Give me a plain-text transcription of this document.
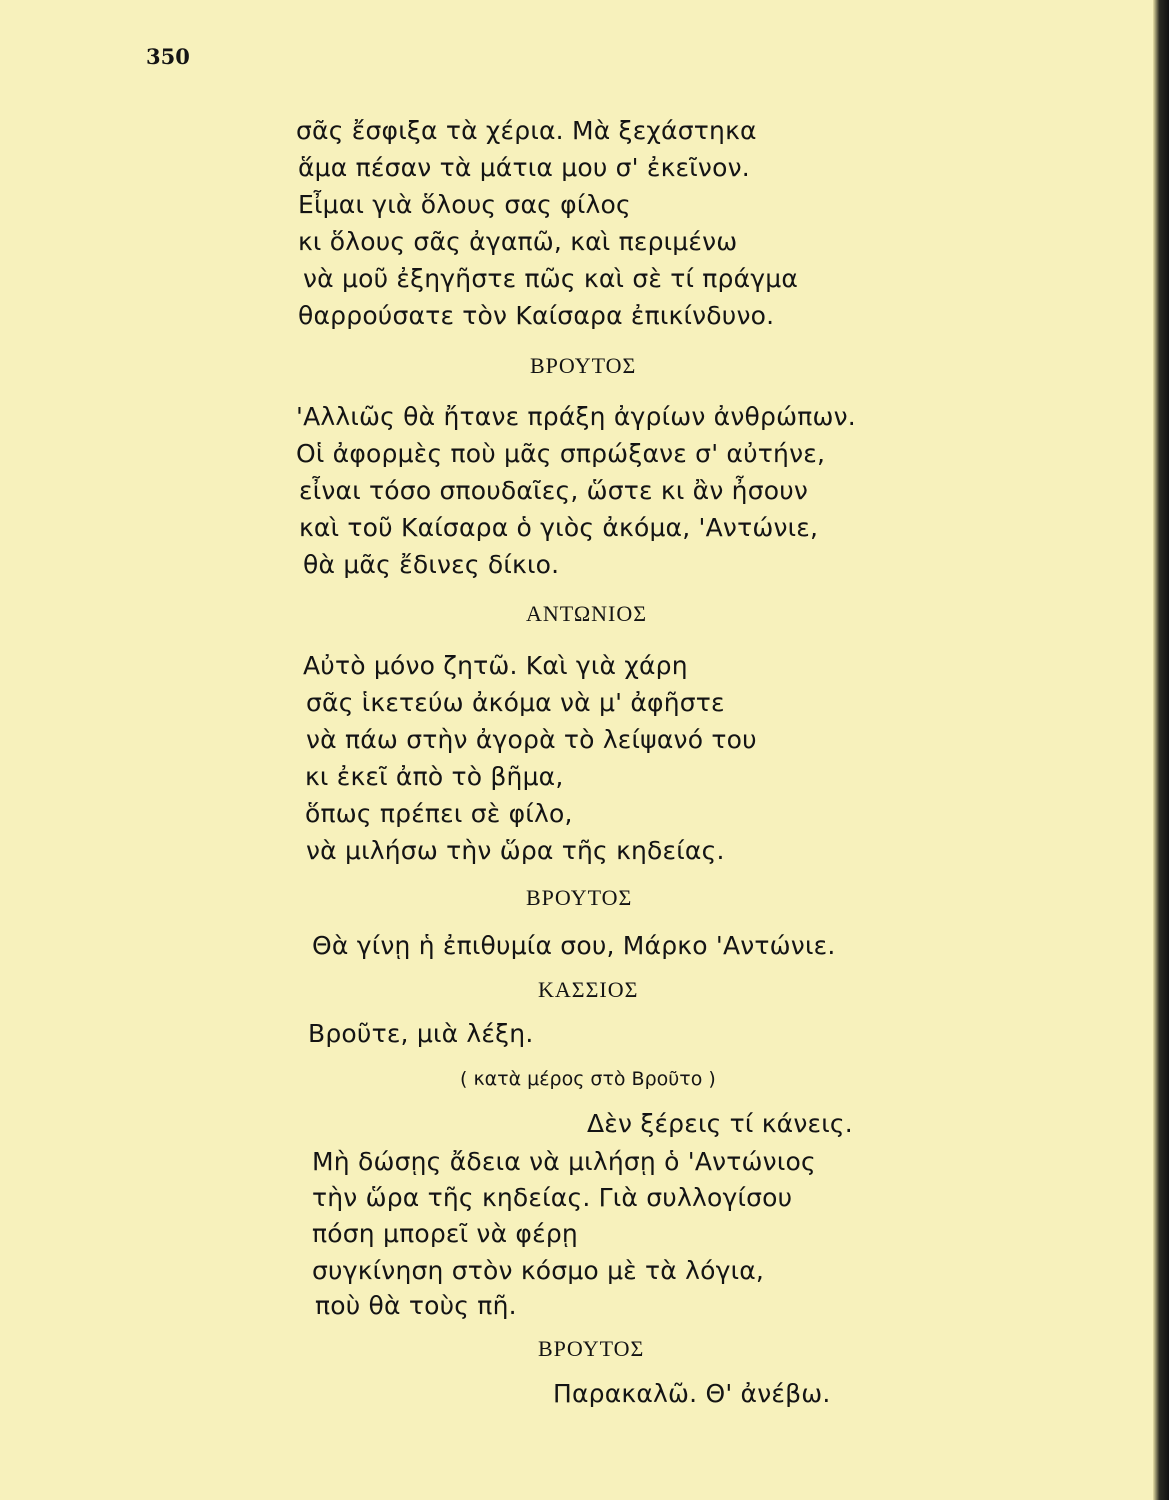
350
σᾶς ἔσφιξα τὰ χέρια. Μὰ ξεχάστηκα
ἅμα πέσαν τὰ μάτια μου σ' ἐκεῖνον.
Εἶμαι γιὰ ὅλους σας φίλος
κι ὅλους σᾶς ἀγαπῶ, καὶ περιμένω
νὰ μοῦ ἐξηγῆστε πῶς καὶ σὲ τί πράγμα
θαρρούσατε τὸν Καίσαρα ἐπικίνδυνο.
ΒΡΟΥΤΟΣ
'Αλλιῶς θὰ ἤτανε πράξη ἀγρίων ἀνθρώπων.
Οἱ ἀφορμὲς ποὺ μᾶς σπρώξανε σ' αὐτήνε,
εἶναι τόσο σπουδαῖες, ὥστε κι ἂν ἦσουν
καὶ τοῦ Καίσαρα ὁ γιὸς ἀκόμα, 'Αντώνιε,
θὰ μᾶς ἔδινες δίκιο.
ΑΝΤΩΝΙΟΣ
Αὐτὸ μόνο ζητῶ. Καὶ γιὰ χάρη
σᾶς ἱκετεύω ἀκόμα νὰ μ' ἀφῆστε
νὰ πάω στὴν ἀγορὰ τὸ λείψανό του
κι ἐκεῖ ἀπὸ τὸ βῆμα,
ὅπως πρέπει σὲ φίλο,
νὰ μιλήσω τὴν ὥρα τῆς κηδείας.
ΒΡΟΥΤΟΣ
Θὰ γίνῃ ἡ ἐπιθυμία σου, Μάρκο 'Αντώνιε.
ΚΑΣΣΙΟΣ
Βροῦτε, μιὰ λέξη.
( κατὰ μέρος στὸ Βροῦτο )
Δὲν ξέρεις τί κάνεις.
Μὴ δώσῃς ἄδεια νὰ μιλήσῃ ὁ 'Αντώνιος
τὴν ὥρα τῆς κηδείας. Γιὰ συλλογίσου
πόση μπορεῖ νὰ φέρῃ
συγκίνηση στὸν κόσμο μὲ τὰ λόγια,
ποὺ θὰ τοὺς πῆ.
ΒΡΟΥΤΟΣ
Παρακαλῶ. Θ' ἀνέβω.
